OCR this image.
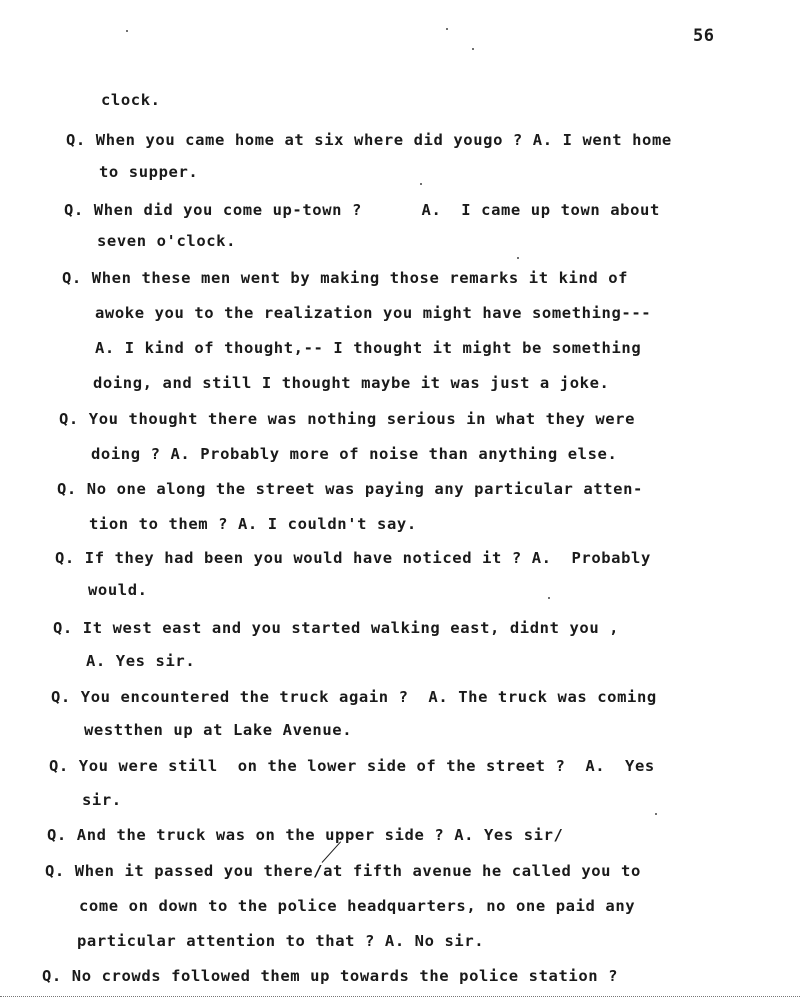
56
clock.
Q. When you came home at six where did yougo ? A. I went home
to supper.
Q. When did you come up-town ?      A.  I came up town about
seven o'clock.
Q. When these men went by making those remarks it kind of
awoke you to the realization you might have something---
A. I kind of thought,-- I thought it might be something
doing, and still I thought maybe it was just a joke.
Q. You thought there was nothing serious in what they were
doing ? A. Probably more of noise than anything else.
Q. No one along the street was paying any particular atten-
tion to them ? A. I couldn't say.
Q. If they had been you would have noticed it ? A.  Probably
would.
Q. It west east and you started walking east, didnt you ,
A. Yes sir.
Q. You encountered the truck again ?  A. The truck was coming
westthen up at Lake Avenue.
Q. You were still  on the lower side of the street ?  A.  Yes
sir.
Q. And the truck was on the upper side ? A. Yes sir/
Q. When it passed you there/at fifth avenue he called you to
come on down to the police headquarters, no one paid any
particular attention to that ? A. No sir.
Q. No crowds followed them up towards the police station ?
